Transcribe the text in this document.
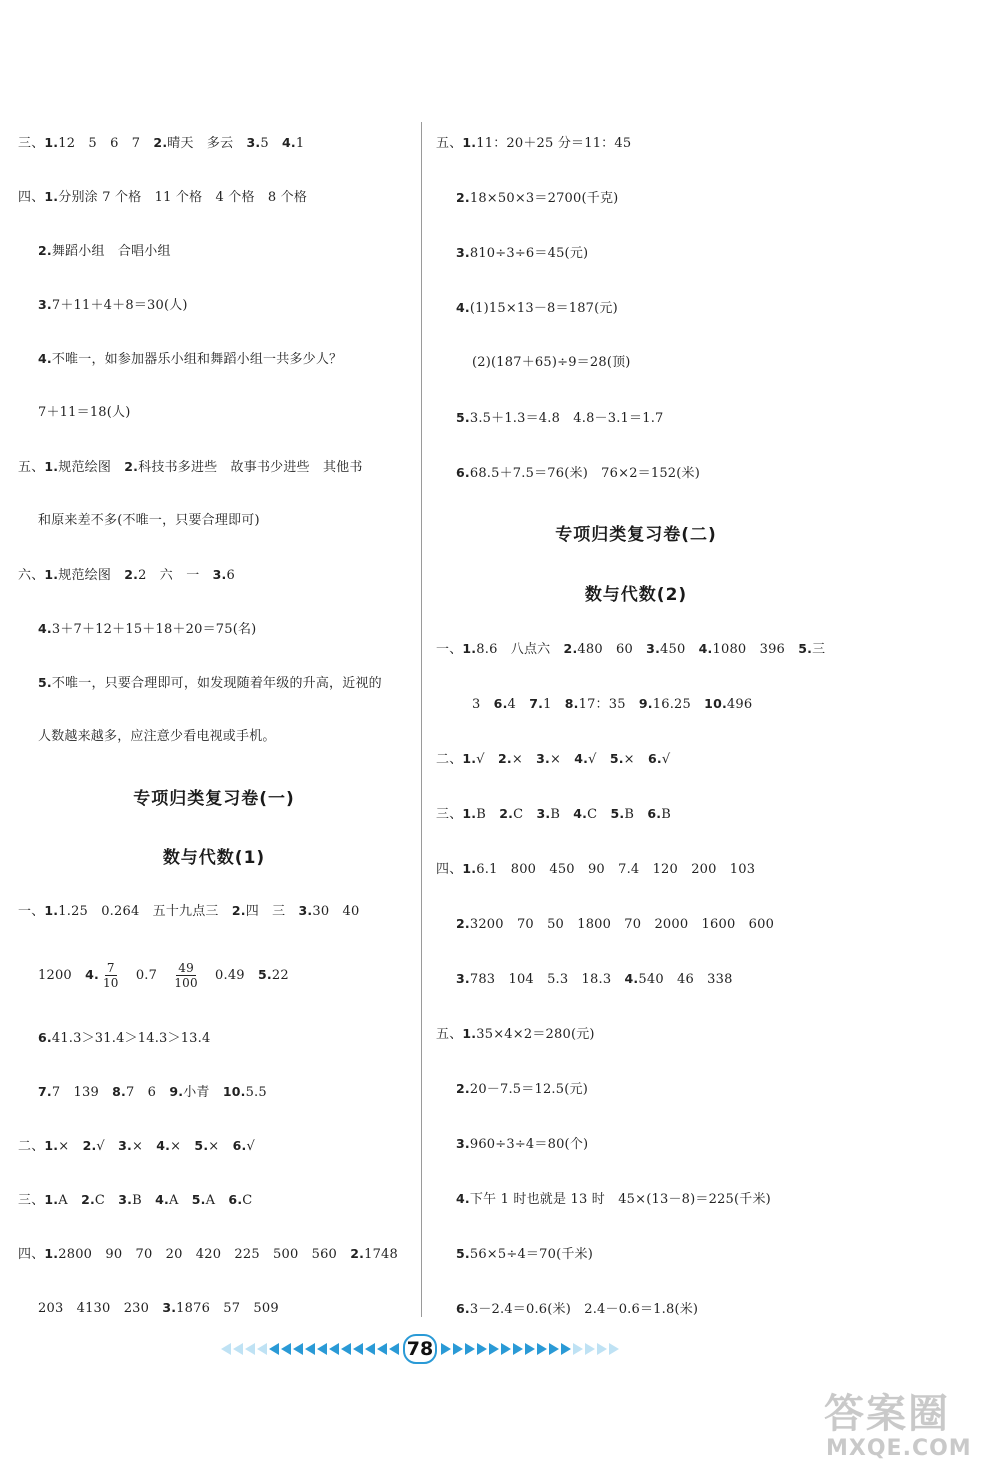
三、1.12　5　6　7　2.晴天　多云　3.5　4.1
四、1.分别涂 7 个格　11 个格　4 个格　8 个格
2.舞蹈小组　合唱小组
3.7＋11＋4＋8＝30(人)
4.不唯一，如参加器乐小组和舞蹈小组一共多少人？
7＋11＝18(人)
五、1.规范绘图　2.科技书多进些　故事书少进些　其他书
和原来差不多(不唯一，只要合理即可)
六、1.规范绘图　2.2　六　一　3.6
4.3＋7＋12＋15＋18＋20＝75(名)
5.不唯一，只要合理即可，如发现随着年级的升高，近视的
人数越来越多，应注意少看电视或手机。
专项归类复习卷(一)
数与代数(1)
一、1.1.25　0.264　五十九点三　2.四　三　3.30　40
1200　4. $\frac{7}{10}$ 　0.7　 $\frac{49}{100}$ 　0.49　5.22
6.41.3＞31.4＞14.3＞13.4
7.7　139　8.7　6　9.小青　10.5.5
二、1.×　2.√　3.×　4.×　5.×　6.√
三、1.A　2.C　3.B　4.A　5.A　6.C
四、1.2800　90　70　20　420　225　500　560　2.1748
203　4130　230　3.1876　57　509
五、1.11：20＋25 分＝11：45
2.18×50×3＝2700(千克)
3.810÷3÷6＝45(元)
4.(1)15×13－8＝187(元)
(2)(187＋65)÷9＝28(顶)
5.3.5＋1.3＝4.8　4.8－3.1＝1.7
6.68.5＋7.5＝76(米)　76×2＝152(米)
专项归类复习卷(二)
数与代数(2)
一、1.8.6　八点六　2.480　60　3.450　4.1080　396　5.三
3　6.4　7.1　8.17：35　9.16.25　10.496
二、1.√　2.×　3.×　4.√　5.×　6.√
三、1.B　2.C　3.B　4.C　5.B　6.B
四、1.6.1　800　450　90　7.4　120　200　103
2.3200　70　50　1800　70　2000　1600　600
3.783　104　5.3　18.3　4.540　46　338
五、1.35×4×2＝280(元)
2.20－7.5＝12.5(元)
3.960÷3÷4＝80(个)
4.下午 1 时也就是 13 时　45×(13－8)＝225(千米)
5.56×5÷4＝70(千米)
6.3－2.4＝0.6(米)　2.4－0.6＝1.8(米)
78
答案圈
MXQE.COM
